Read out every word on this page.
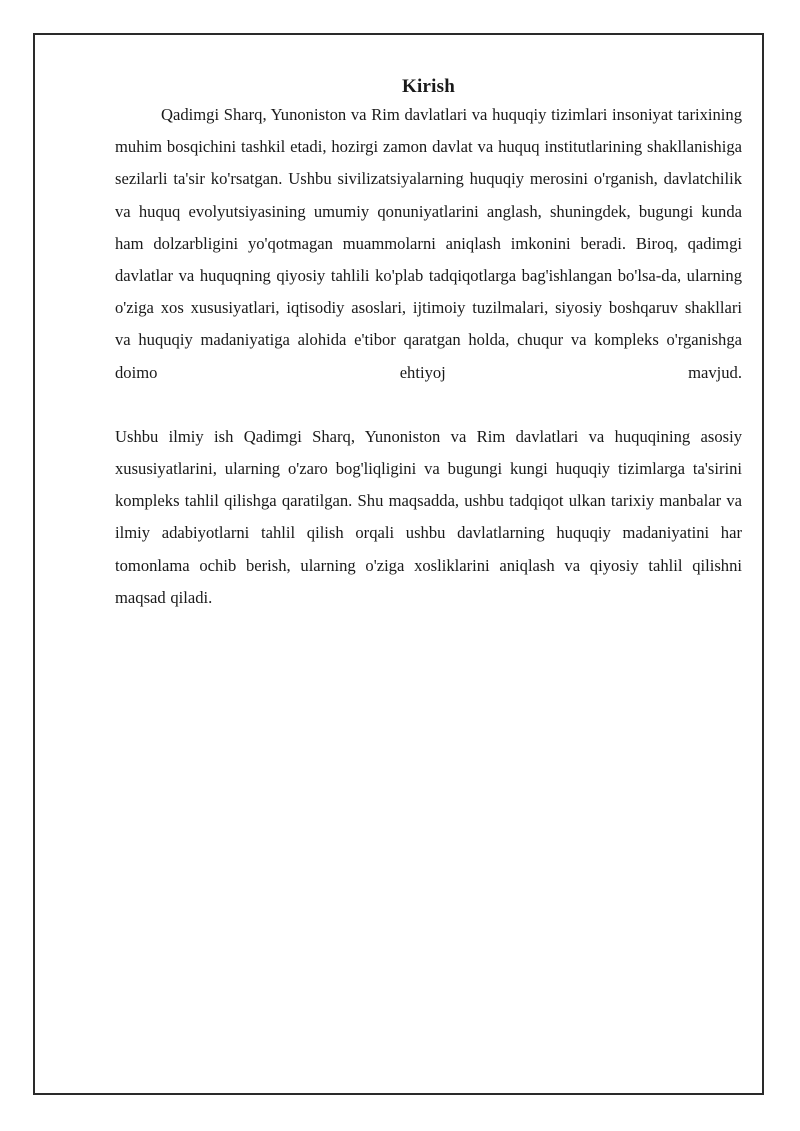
Kirish

Qadimgi Sharq, Yunoniston va Rim davlatlari va huquqiy tizimlari insoniyat tarixining muhim bosqichini tashkil etadi, hozirgi zamon davlat va huquq institutlarining shakllanishiga sezilarli ta'sir ko'rsatgan. Ushbu sivilizatsiyalarning huquqiy merosini o'rganish, davlatchilik va huquq evolyutsiyasining umumiy qonuniyatlarini anglash, shuningdek, bugungi kunda ham dolzarbligini yo'qotmagan muammolarni aniqlash imkonini beradi. Biroq, qadimgi davlatlar va huquqning qiyosiy tahlili ko'plab tadqiqotlarga bag'ishlangan bo'lsa-da, ularning o'ziga xos xususiyatlari, iqtisodiy asoslari, ijtimoiy tuzilmalari, siyosiy boshqaruv shakllari va huquqiy madaniyatiga alohida e'tibor qaratgan holda, chuqur va kompleks o'rganishga doimo ehtiyoj mavjud.

Ushbu ilmiy ish Qadimgi Sharq, Yunoniston va Rim davlatlari va huquqining asosiy xususiyatlarini, ularning o'zaro bog'liqligini va bugungi kungi huquqiy tizimlarga ta'sirini kompleks tahlil qilishga qaratilgan. Shu maqsadda, ushbu tadqiqot ulkan tarixiy manbalar va ilmiy adabiyotlarni tahlil qilish orqali ushbu davlatlarning huquqiy madaniyatini har tomonlama ochib berish, ularning o'ziga xosliklarini aniqlash va qiyosiy tahlil qilishni maqsad qiladi.
